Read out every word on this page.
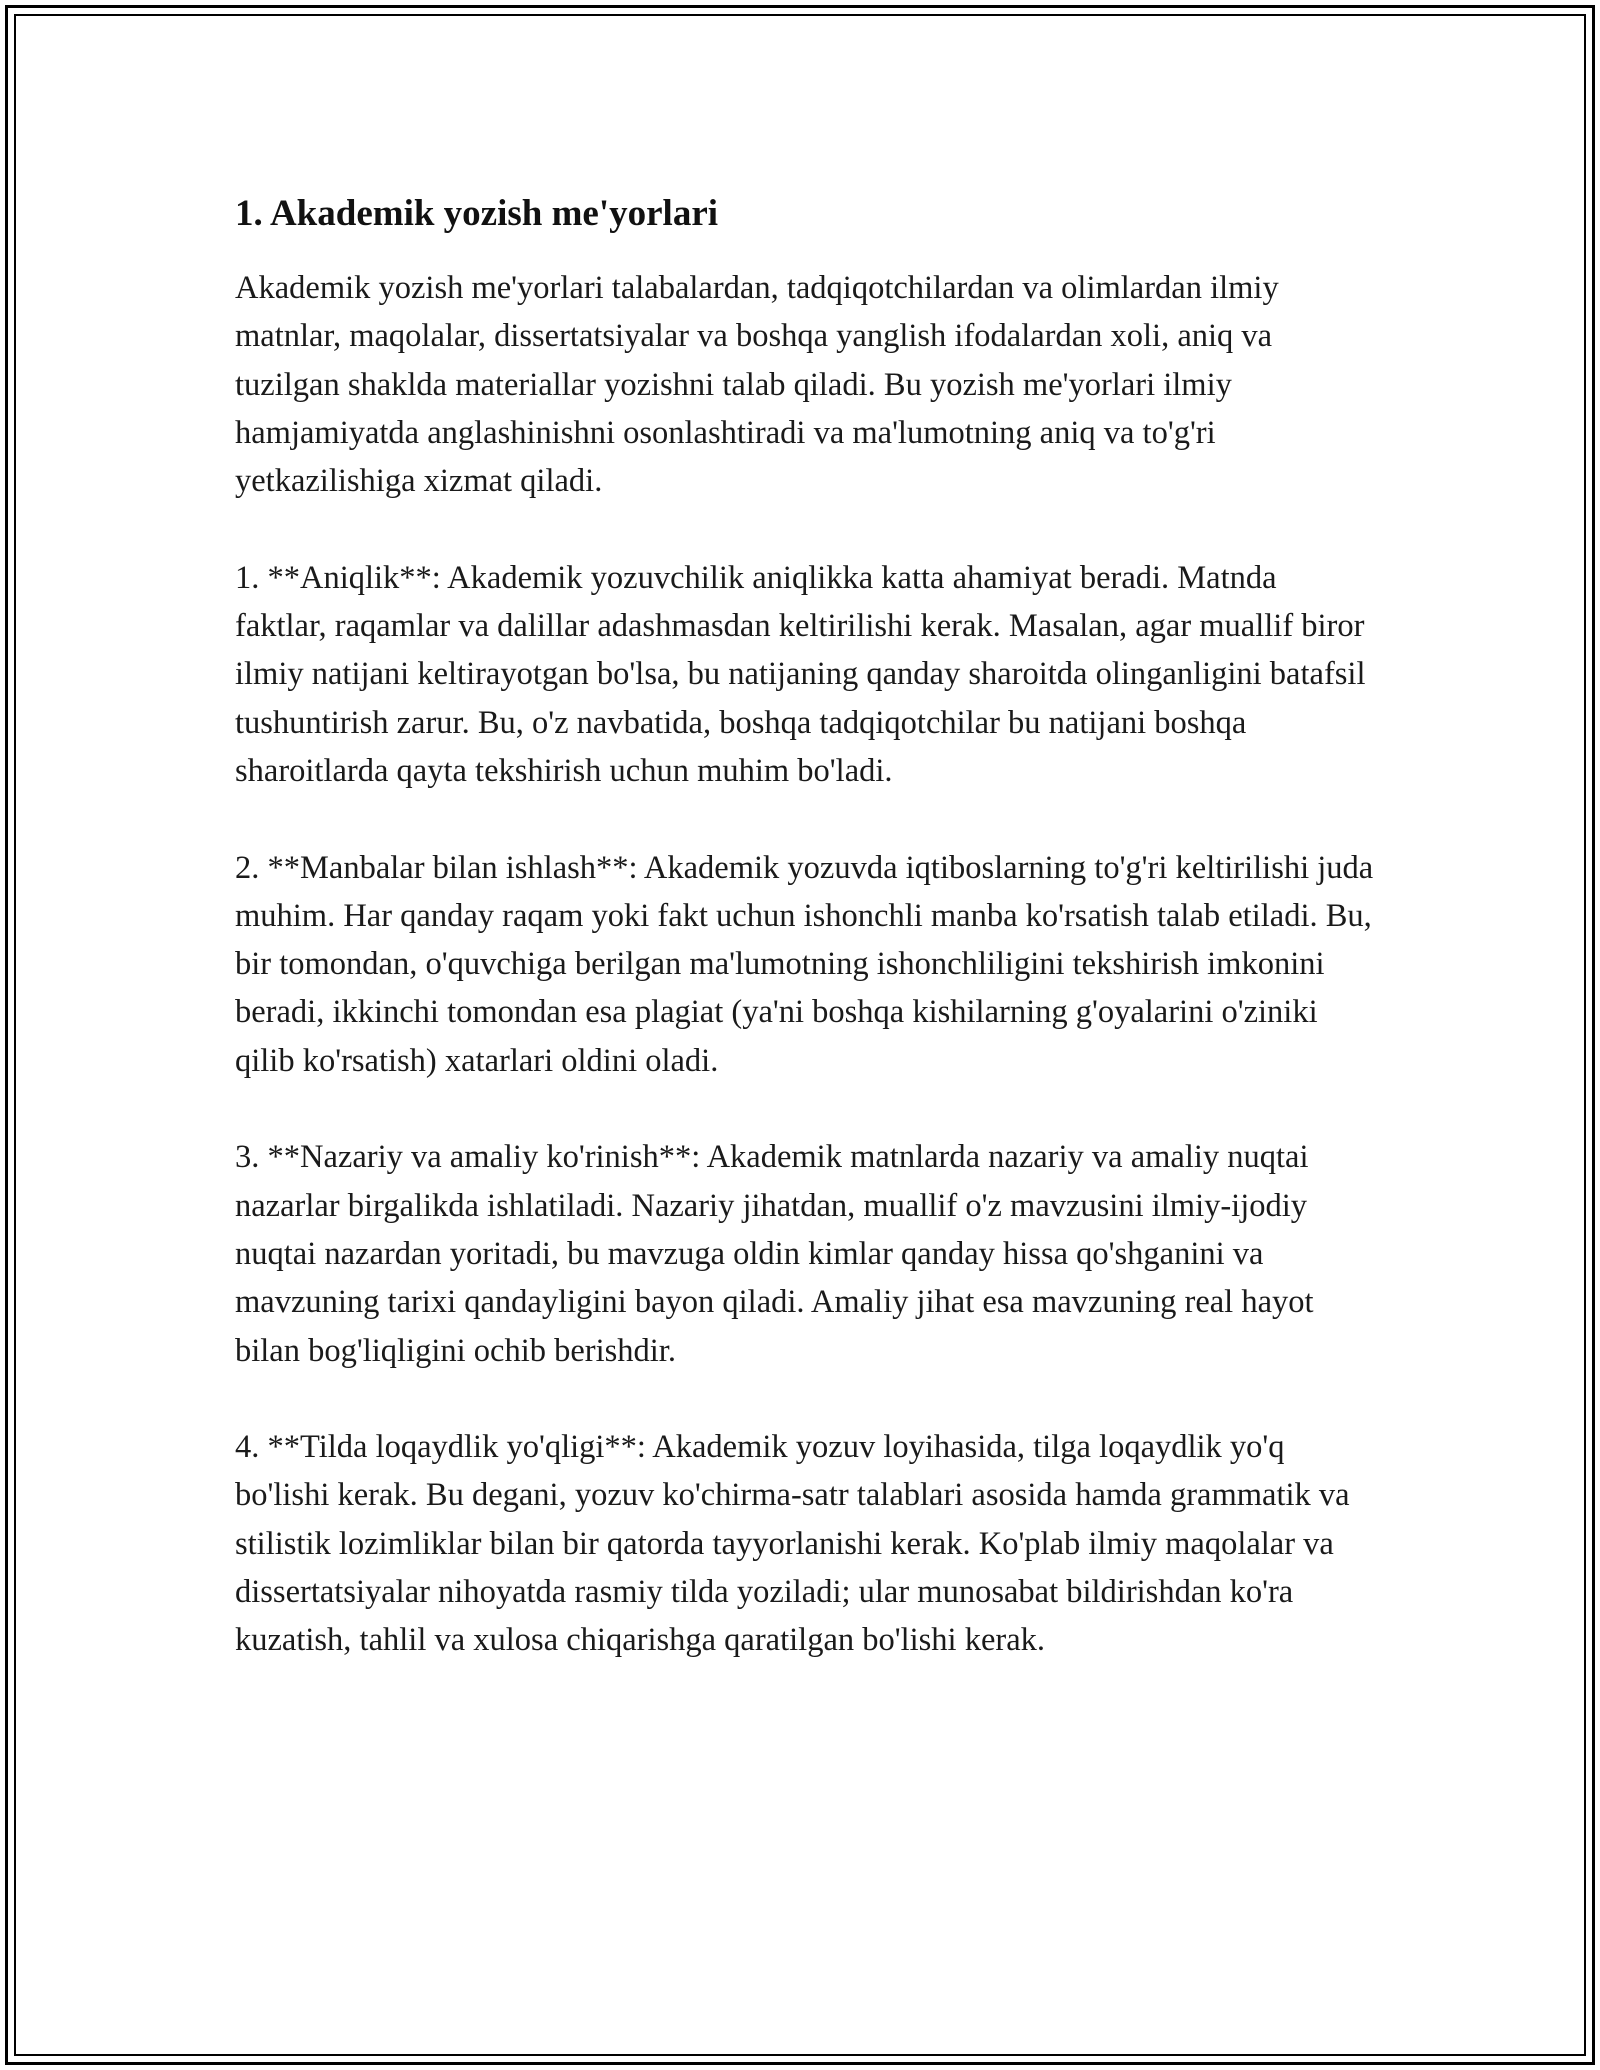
1. Akademik yozish me'yorlari

Akademik yozish me'yorlari talabalardan, tadqiqotchilardan va olimlardan ilmiy matnlar, maqolalar, dissertatsiyalar va boshqa yanglish ifodalardan xoli, aniq va tuzilgan shaklda materiallar yozishni talab qiladi. Bu yozish me'yorlari ilmiy hamjamiyatda anglashinishni osonlashtiradi va ma'lumotning aniq va to'g'ri yetkazilishiga xizmat qiladi.

1. **Aniqlik**: Akademik yozuvchilik aniqlikka katta ahamiyat beradi. Matnda faktlar, raqamlar va dalillar adashmasdan keltirilishi kerak. Masalan, agar muallif biror ilmiy natijani keltirayotgan bo'lsa, bu natijaning qanday sharoitda olinganligini batafsil tushuntirish zarur. Bu, o'z navbatida, boshqa tadqiqotchilar bu natijani boshqa sharoitlarda qayta tekshirish uchun muhim bo'ladi.

2. **Manbalar bilan ishlash**: Akademik yozuvda iqtiboslarning to'g'ri keltirilishi juda muhim. Har qanday raqam yoki fakt uchun ishonchli manba ko'rsatish talab etiladi. Bu, bir tomondan, o'quvchiga berilgan ma'lumotning ishonchliligini tekshirish imkonini beradi, ikkinchi tomondan esa plagiat (ya'ni boshqa kishilarning g'oyalarini o'ziniki qilib ko'rsatish) xatarlari oldini oladi.

3. **Nazariy va amaliy ko'rinish**: Akademik matnlarda nazariy va amaliy nuqtai nazarlar birgalikda ishlatiladi. Nazariy jihatdan, muallif o'z mavzusini ilmiy-ijodiy nuqtai nazardan yoritadi, bu mavzuga oldin kimlar qanday hissa qo'shganini va mavzuning tarixi qandayligini bayon qiladi. Amaliy jihat esa mavzuning real hayot bilan bog'liqligini ochib berishdir.

4. **Tilda loqaydlik yo'qligi**: Akademik yozuv loyihasida, tilga loqaydlik yo'q bo'lishi kerak. Bu degani, yozuv ko'chirma-satr talablari asosida hamda grammatik va stilistik lozimliklar bilan bir qatorda tayyorlanishi kerak. Ko'plab ilmiy maqolalar va dissertatsiyalar nihoyatda rasmiy tilda yoziladi; ular munosabat bildirishdan ko'ra kuzatish, tahlil va xulosa chiqarishga qaratilgan bo'lishi kerak.
